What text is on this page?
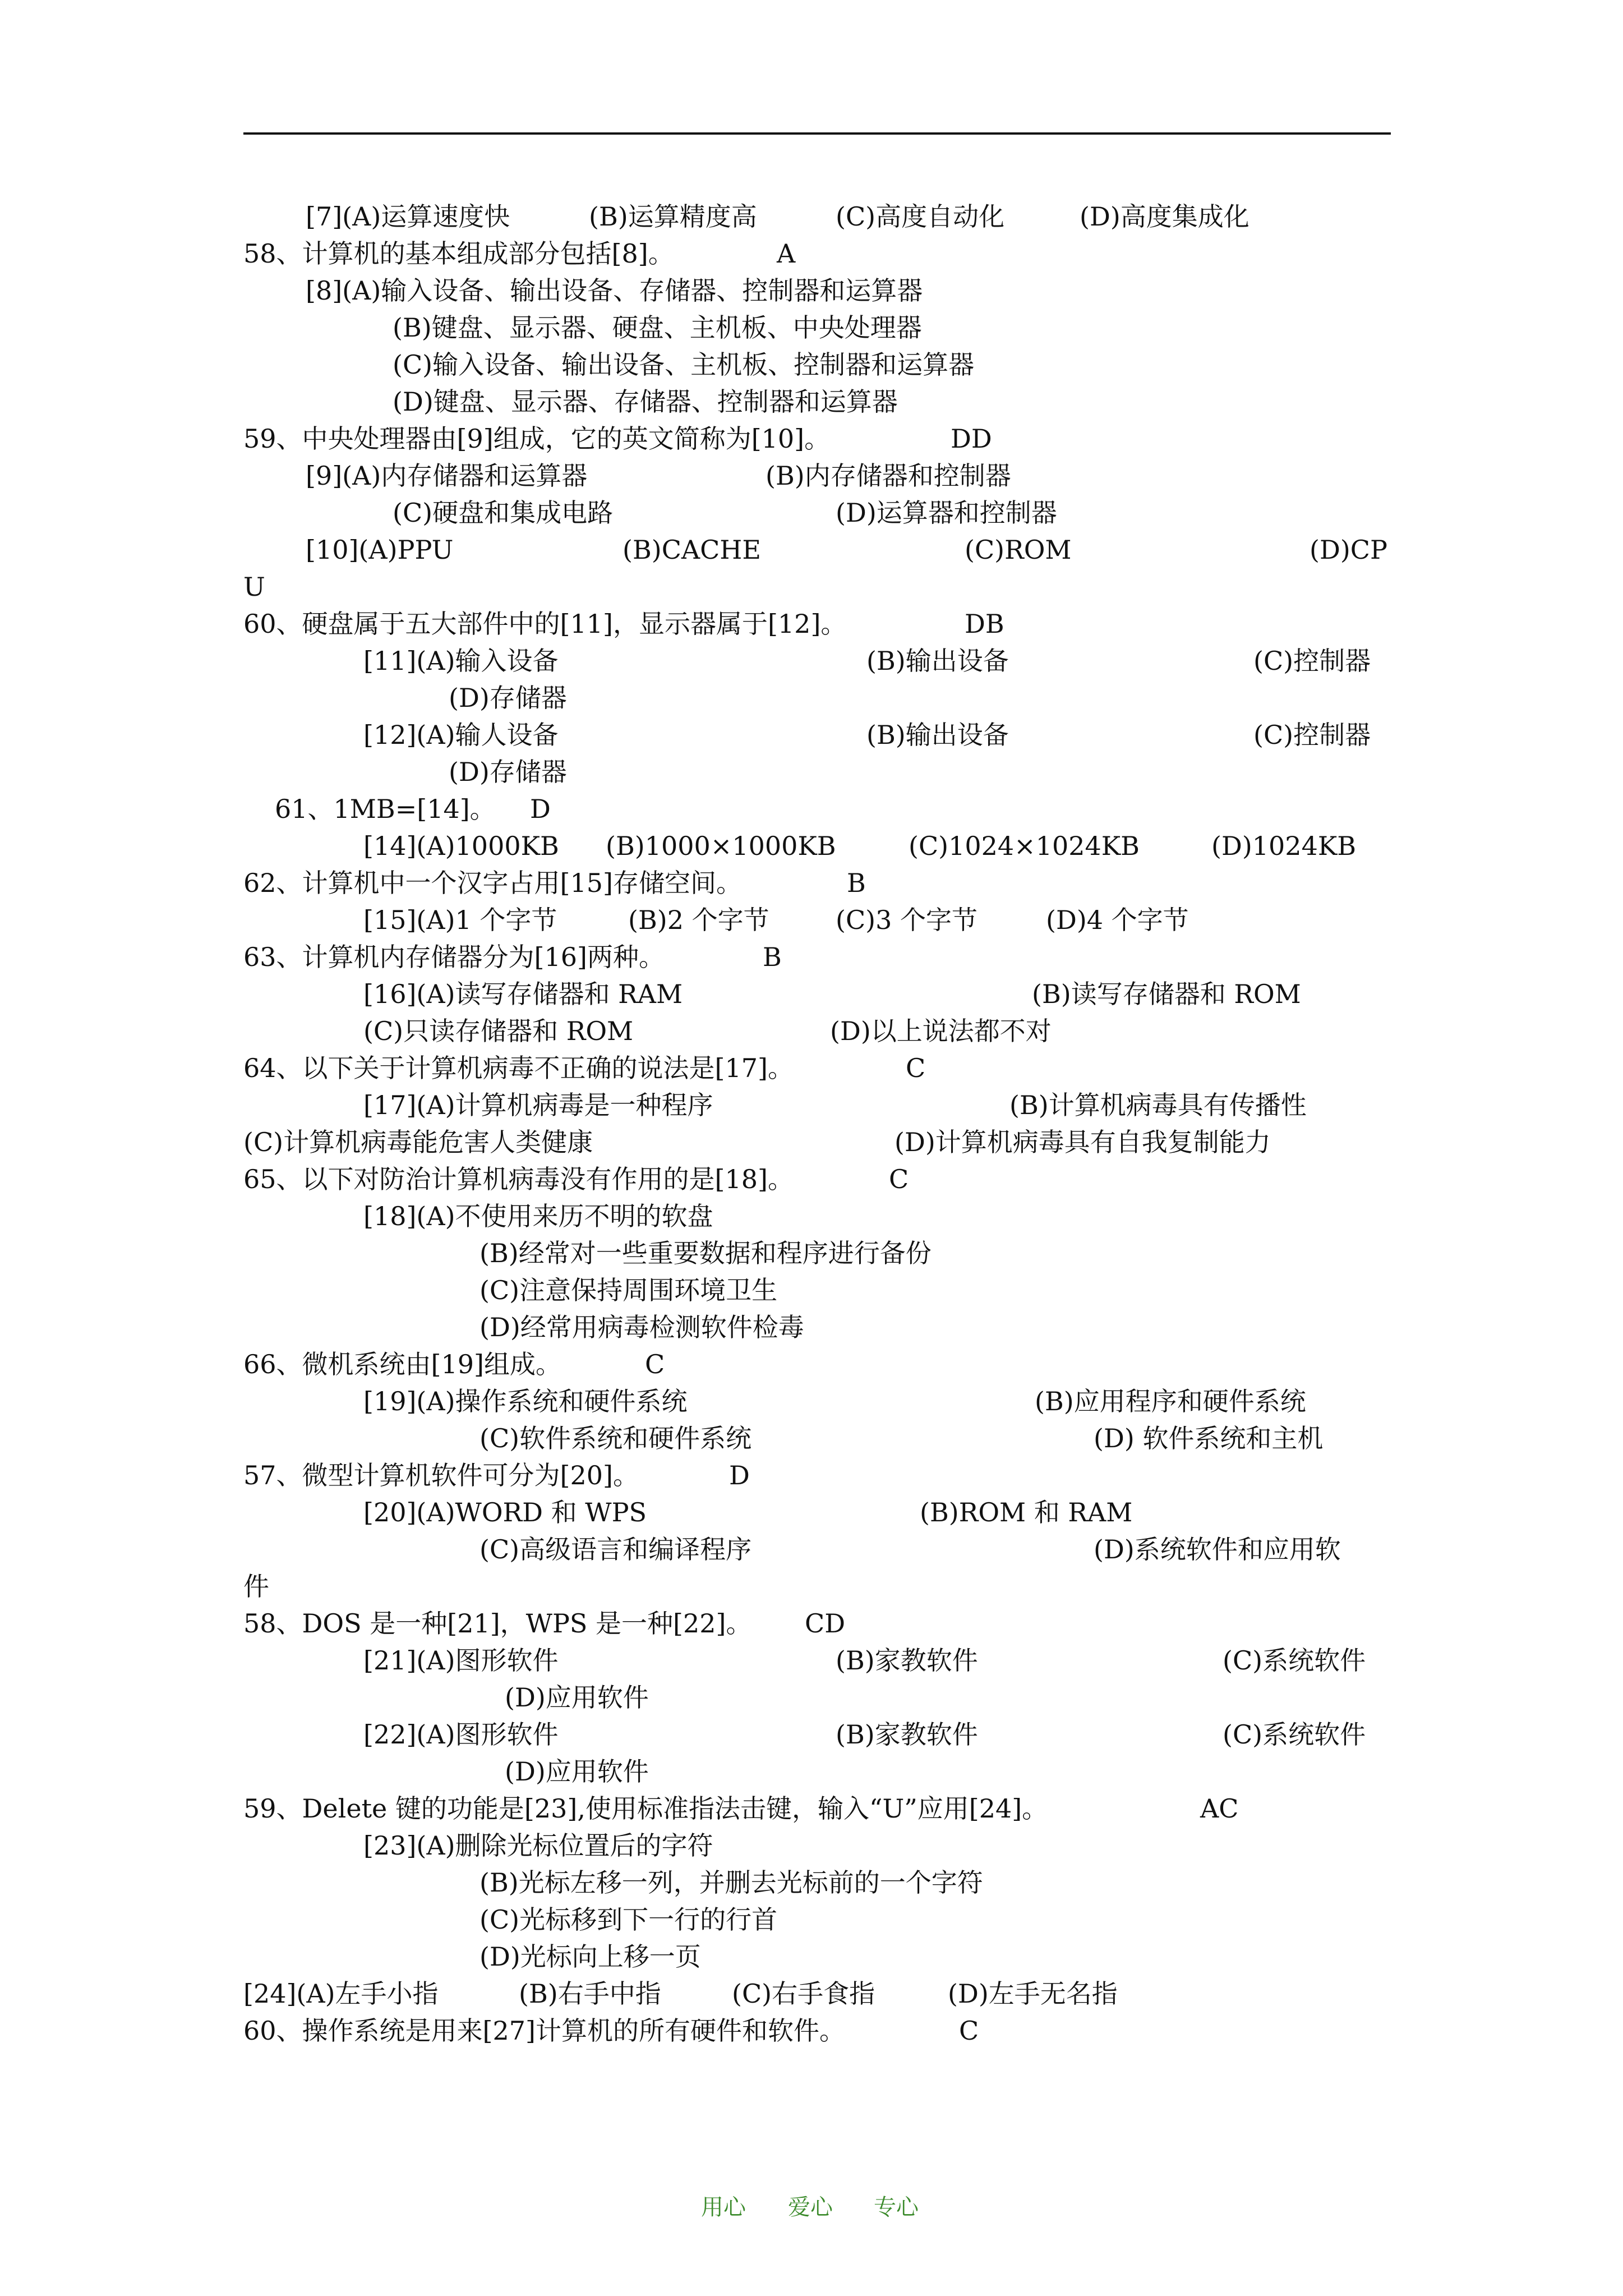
[7](A)运算速度快	(B)运算精度高	(C)高度自动化	(D)高度集成化
58、计算机的基本组成部分包括[8]。	A
[8](A)输入设备、输出设备、存储器、控制器和运算器
(B)键盘、显示器、硬盘、主机板、中央处理器
(C)输入设备、输出设备、主机板、控制器和运算器
(D)键盘、显示器、存储器、控制器和运算器
59、中央处理器由[9]组成，它的英文简称为[10]。	DD
[9](A)内存储器和运算器	(B)内存储器和控制器
(C)硬盘和集成电路	(D)运算器和控制器
[10](A)PPU	(B)CACHE	(C)ROM	(D)CP
U
60、硬盘属于五大部件中的[11]，显示器属于[12]。	DB
[11](A)输入设备	(B)输出设备	(C)控制器
(D)存储器
[12](A)输人设备	(B)输出设备	(C)控制器
(D)存储器
61、1MB=[14]。 D
[14](A)1000KB (B)1000×1000KB	(C)1024×1024KB	(D)1024KB
62、计算机中一个汉字占用[15]存储空间。	B
[15](A)1 个字节	(B)2 个字节	(C)3 个字节	(D)4 个字节
63、计算机内存储器分为[16]两种。	B
[16](A)读写存储器和 RAM	(B)读写存储器和 ROM
(C)只读存储器和 ROM	(D)以上说法都不对
64、以下关于计算机病毒不正确的说法是[17]。	C
[17](A)计算机病毒是一种程序	(B)计算机病毒具有传播性
(C)计算机病毒能危害人类健康	(D)计算机病毒具有自我复制能力
65、以下对防治计算机病毒没有作用的是[18]。	C
[18](A)不使用来历不明的软盘
(B)经常对一些重要数据和程序进行备份
(C)注意保持周围环境卫生
(D)经常用病毒检测软件检毒
66、微机系统由[19]组成。	C
[19](A)操作系统和硬件系统	(B)应用程序和硬件系统
(C)软件系统和硬件系统	(D) 软件系统和主机
57、微型计算机软件可分为[20]。	D
[20](A)WORD 和 WPS	(B)ROM 和 RAM
(C)高级语言和编译程序	(D)系统软件和应用软
件
58、DOS 是一种[21]，WPS 是一种[22]。 CD
[21](A)图形软件	(B)家教软件	(C)系统软件
(D)应用软件
[22](A)图形软件	(B)家教软件	(C)系统软件
(D)应用软件
59、Delete 键的功能是[23],使用标准指法击键，输入“U”应用[24]。	AC
[23](A)删除光标位置后的字符
(B)光标左移一列，并删去光标前的一个字符
(C)光标移到下一行的行首
(D)光标向上移一页
[24](A)左手小指	(B)右手中指	(C)右手食指	(D)左手无名指
60、操作系统是用来[27]计算机的所有硬件和软件。	C
用心 爱心 专心
